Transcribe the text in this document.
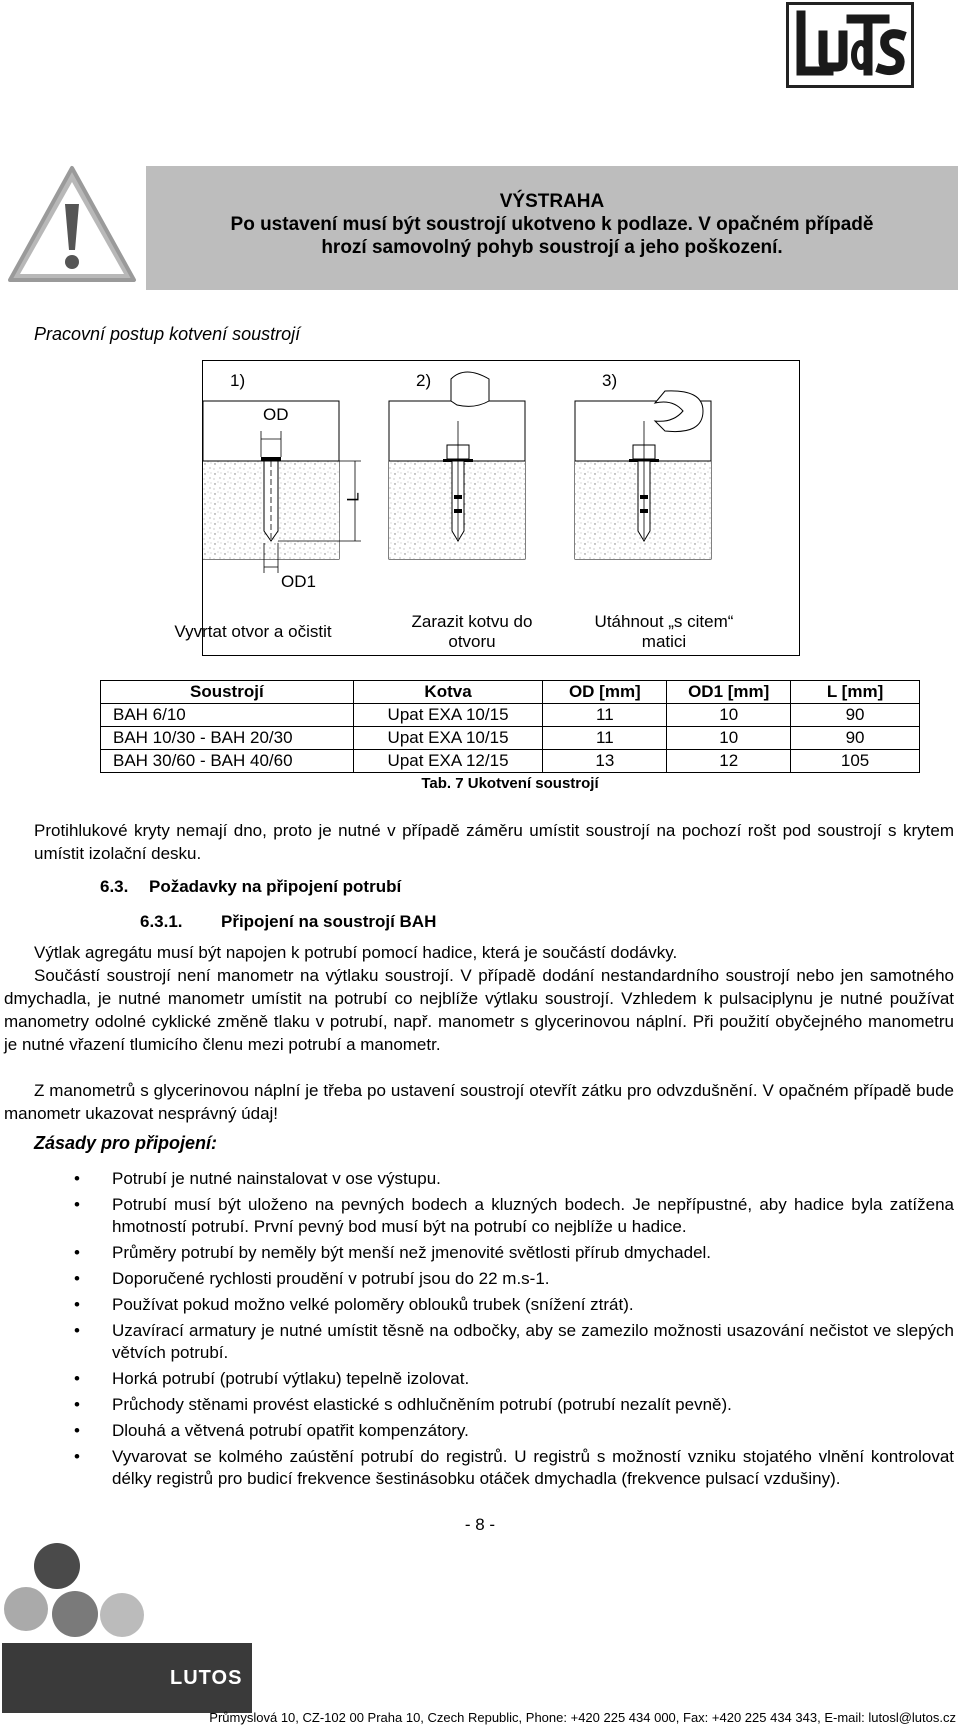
VÝSTRAHA
Po ustavení musí být soustrojí ukotveno k podlaze. V opačném případě
hrozí samovolný pohyb soustrojí a jeho poškození.
Pracovní postup kotvení soustrojí
1)	2)	3)
OD
L
OD1
Vyvrtat otvor a očistit
Zarazit kotvu do otvoru
Utáhnout „s citem“ matici
Soustrojí	Kotva	OD [mm]	OD1 [mm]	L [mm]
BAH 6/10	Upat EXA 10/15	11	10	90
BAH 10/30 - BAH 20/30	Upat EXA 10/15	11	10	90
BAH 30/60 - BAH 40/60	Upat EXA 12/15	13	12	105
Tab. 7 Ukotvení soustrojí
Protihlukové kryty nemají dno, proto je nutné v případě záměru umístit soustrojí na pochozí rošt pod soustrojí s krytem umístit izolační desku.
6.3. Požadavky na připojení potrubí
6.3.1. Připojení na soustrojí BAH
Výtlak agregátu musí být napojen k potrubí pomocí hadice, která je součástí dodávky.
Součástí soustrojí není manometr na výtlaku soustrojí. V případě dodání nestandardního soustrojí nebo jen samotného dmychadla, je nutné manometr umístit na potrubí co nejblíže výtlaku soustrojí. Vzhledem k pulsaciplynu je nutné používat manometry odolné cyklické změně tlaku v potrubí, např. manometr s glycerinovou náplní. Při použití obyčejného manometru je nutné vřazení tlumicího členu mezi potrubí a manometr.
Z manometrů s glycerinovou náplní je třeba po ustavení soustrojí otevřít zátku pro odvzdušnění. V opačném případě bude manometr ukazovat nesprávný údaj!
Zásady pro připojení:
• Potrubí je nutné nainstalovat v ose výstupu.
• Potrubí musí být uloženo na pevných bodech a kluzných bodech. Je nepřípustné, aby hadice byla zatížena hmotností potrubí. První pevný bod musí být na potrubí co nejblíže u hadice.
• Průměry potrubí by neměly být menší než jmenovité světlosti přírub dmychadel.
• Doporučené rychlosti proudění v potrubí jsou do 22 m.s-1.
• Používat pokud možno velké poloměry oblouků trubek (snížení ztrát).
• Uzavírací armatury je nutné umístit těsně na odbočky, aby se zamezilo možnosti usazování nečistot ve slepých větvích potrubí.
• Horká potrubí (potrubí výtlaku) tepelně izolovat.
• Průchody stěnami provést elastické s odhlučněním potrubí (potrubí nezalít pevně).
• Dlouhá a větvená potrubí opatřit kompenzátory.
• Vyvarovat se kolmého zaústění potrubí do registrů. U registrů s možností vzniku stojatého vlnění kontrolovat délky registrů pro budicí frekvence šestinásobku otáček dmychadla (frekvence pulsací vzdušiny).
- 8 -
LUTOS
Průmyslová 10, CZ-102 00 Praha 10, Czech Republic, Phone: +420 225 434 000, Fax: +420 225 434 343, E-mail: lutosl@lutos.cz
